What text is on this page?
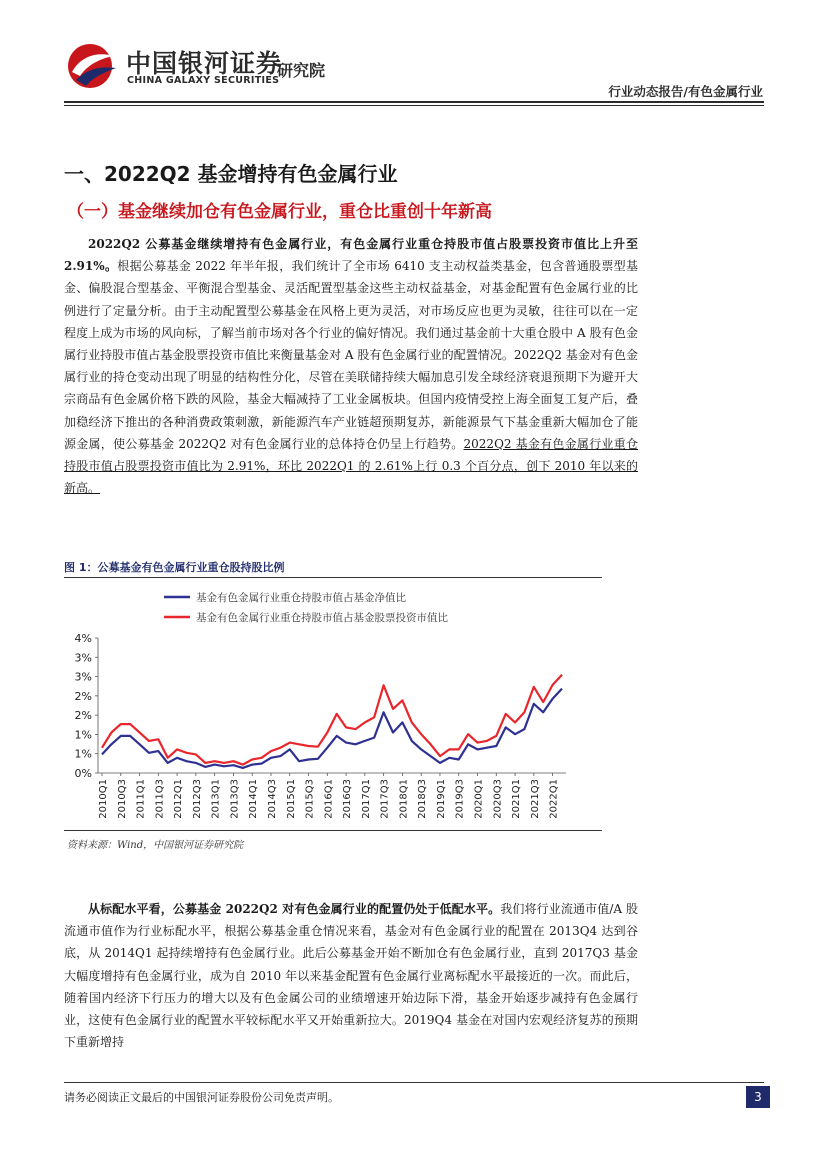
中国银河证券
CHINA GALAXY SECURITIES
研究院
行业动态报告/有色金属行业
一、2022Q2 基金增持有色金属行业
（一）基金继续加仓有色金属行业，重仓比重创十年新高
2022Q2 公募基金继续增持有色金属行业，有色金属行业重仓持股市值占股票投资市值比上升至 2.91%。根据公募基金 2022 年半年报，我们统计了全市场 6410 支主动权益类基金，包含普通股票型基金、偏股混合型基金、平衡混合型基金、灵活配置型基金这些主动权益基金，对基金配置有色金属行业的比例进行了定量分析。由于主动配置型公募基金在风格上更为灵活，对市场反应也更为灵敏，往往可以在一定程度上成为市场的风向标，了解当前市场对各个行业的偏好情况。我们通过基金前十大重仓股中 A 股有色金属行业持股市值占基金股票投资市值比来衡量基金对 A 股有色金属行业的配置情况。2022Q2 基金对有色金属行业的持仓变动出现了明显的结构性分化，尽管在美联储持续大幅加息引发全球经济衰退预期下为避开大宗商品有色金属价格下跌的风险，基金大幅减持了工业金属板块。但国内疫情受控上海全面复工复产后，叠加稳经济下推出的各种消费政策刺激，新能源汽车产业链超预期复苏，新能源景气下基金重新大幅加仓了能源金属，使公募基金 2022Q2 对有色金属行业的总体持仓仍呈上行趋势。2022Q2 基金有色金属行业重仓持股市值占股票投资市值比为 2.91%，环比 2022Q1 的 2.61%上行 0.3 个百分点，创下 2010 年以来的新高。
图 1：公募基金有色金属行业重仓股持股比例
基金有色金属行业重仓持股市值占基金净值比
基金有色金属行业重仓持股市值占基金股票投资市值比
0%
1%
1%
2%
2%
3%
3%
4%
2010Q1 2010Q3 2011Q1 2011Q3 2012Q1 2012Q3 2013Q1 2013Q3 2014Q1 2014Q3 2015Q1 2015Q3 2016Q1 2016Q3 2017Q1 2017Q3 2018Q1 2018Q3 2019Q1 2019Q3 2020Q1 2020Q3 2021Q1 2021Q3 2022Q1
资料来源：Wind，中国银河证券研究院
从标配水平看，公募基金 2022Q2 对有色金属行业的配置仍处于低配水平。我们将行业流通市值/A 股流通市值作为行业标配水平，根据公募基金重仓情况来看，基金对有色金属行业的配置在 2013Q4 达到谷底，从 2014Q1 起持续增持有色金属行业。此后公募基金开始不断加仓有色金属行业，直到 2017Q3 基金大幅度增持有色金属行业，成为自 2010 年以来基金配置有色金属行业离标配水平最接近的一次。而此后，随着国内经济下行压力的增大以及有色金属公司的业绩增速开始边际下滑，基金开始逐步减持有色金属行业，这使有色金属行业的配置水平较标配水平又开始重新拉大。2019Q4 基金在对国内宏观经济复苏的预期下重新增持
请务必阅读正文最后的中国银河证券股份公司免责声明。	3
